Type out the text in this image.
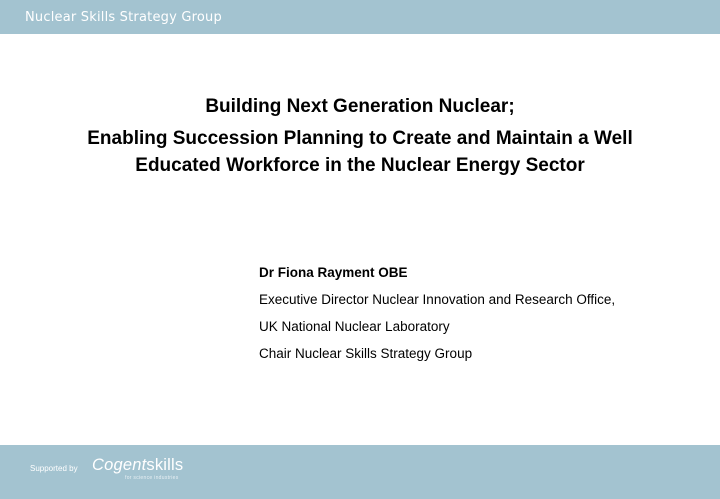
Nuclear Skills Strategy Group

Building Next Generation Nuclear;

Enabling Succession Planning to Create and Maintain a Well Educated Workforce in the Nuclear Energy Sector

Dr Fiona Rayment OBE

Executive Director Nuclear Innovation and Research Office,

UK National Nuclear Laboratory

Chair Nuclear Skills Strategy Group

Supported by Cogentskills
for science industries
